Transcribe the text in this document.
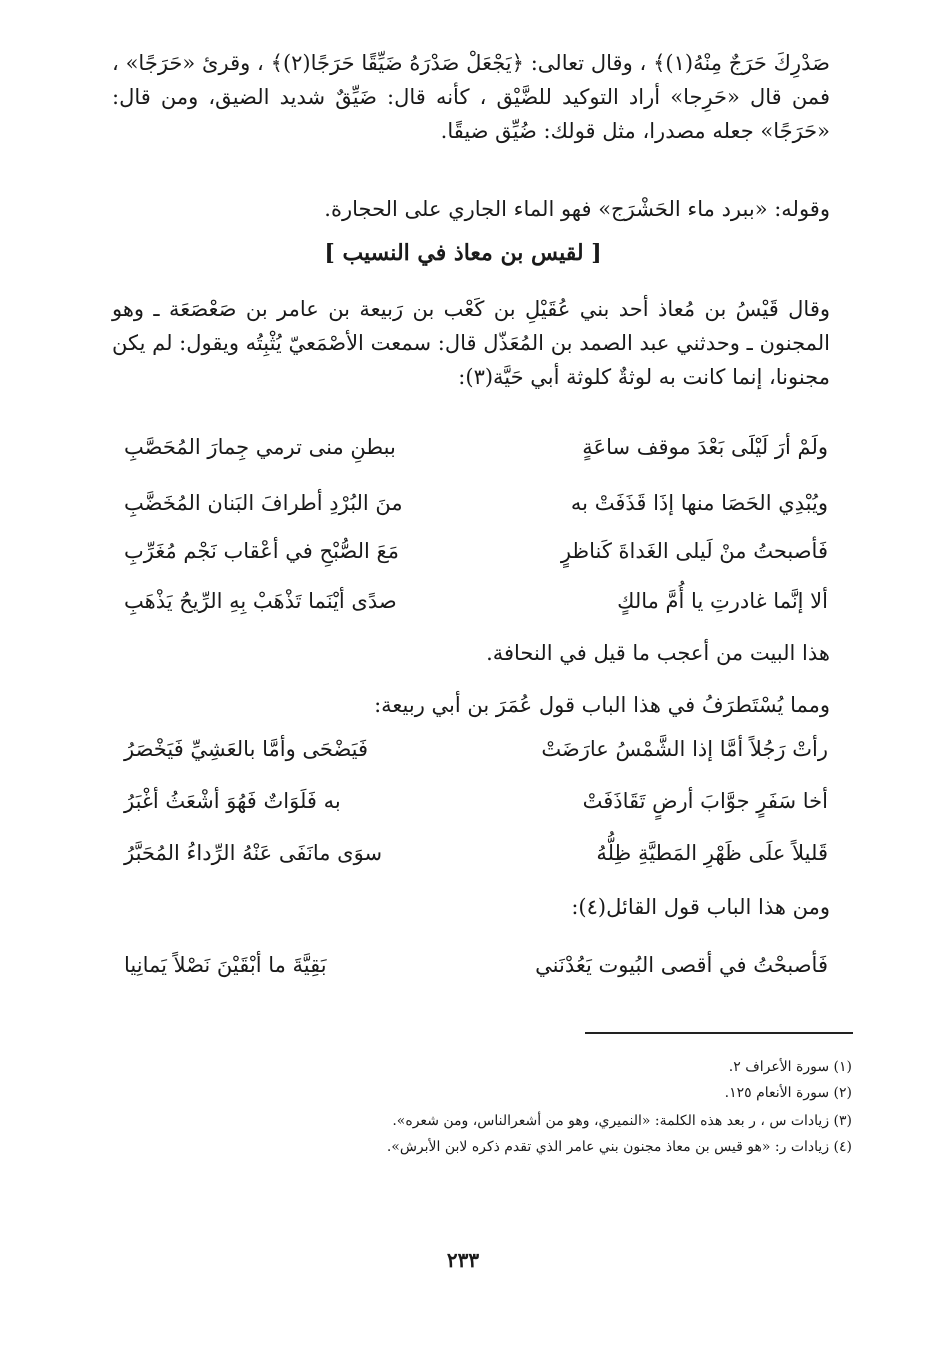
صَدْرِكَ حَرَجٌ مِنْهُ(١)﴾ ، وقال تعالى: ﴿يَجْعَلْ صَدْرَهُ ضَيِّقًا حَرَجًا(٢)﴾ ، وقرئ «حَرَجًا» ، فمن قال «حَرِجا» أراد التوكيد للضَّيْق ، كأنه قال: ضَيِّقٌ شديد الضيق، ومن قال: «حَرَجًا» جعله مصدرا، مثل قولك: ضُيِّق ضيقًا.

وقوله: «ببرد ماء الحَشْرَج» فهو الماء الجاري على الحجارة.

[ لقيس بن معاذ في النسيب ]

وقال قَيْسُ بن مُعاذ أحد بني عُقَيْلِ بن كَعْب بن رَبيعة بن عامر بن صَعْصَعَة ـ وهو المجنون ـ وحدثني عبد الصمد بن المُعَذّل قال: سمعت الأصْمَعيّ يُثْبِتُه ويقول: لم يكن مجنونا، إنما كانت به لوثةٌ كلوثة أبي حَيَّة(٣):

ولَمْ أرَ لَيْلَى بَعْدَ موقف ساعَةٍ
ببطنِ منى ترمي جِمارَ المُحَصَّبِ
ويُبْدِي الحَصَا منها إذَا قَذَفَتْ به
منَ البُرْدِ أطرافَ البَنان المُخَضَّبِ
فَأصبحتُ منْ لَيلى الغَداةَ كَناظرٍ
مَعَ الصُّبْحِ في أعْقاب نَجْم مُغَرِّبِ
ألا إنَّما غادرتِ يا أُمَّ مالكٍ
صدًى أيْنَما تَذْهَبْ بِهِ الرِّيحُ يَذْهَبِ
هذا البيت من أعجب ما قيل في النحافة.
ومما يُسْتَطرَفُ في هذا الباب قول عُمَرَ بن أبي ربيعة:
رأتْ رَجُلاً أمَّا إذا الشَّمْسُ عارَضَتْ
فَيَضْحَى وأمَّا بالعَشِيِّ فَيَخْصَرُ
أخا سَفَرٍ جوَّابَ أرضٍ تَقَاذَفَتْ
به فَلَوَاتٌ فَهُوَ أشْعَثُ أغْبَرُ
قَليلاً علَى ظَهْرِ المَطيَّةِ ظِلُّهُ
سوَى مانَفَى عَنْهُ الرِّداءُ المُحَبَّرُ
ومن هذا الباب قول القائل(٤):
فَأصبحْتُ في أقصى البُيوت يَعُدْنَني
بَقِيَّةَ ما أبْقَيْنَ نَصْلاً يَمانِيا
(١) سورة الأعراف ٢.
(٢) سورة الأنعام ١٢٥.
(٣) زيادات س ، ر بعد هذه الكلمة: «النميري، وهو من أشعرالناس، ومن شعره».
(٤) زيادات ر: «هو قيس بن معاذ مجنون بني عامر الذي تقدم ذكره لابن الأبرش».
٢٣٣
